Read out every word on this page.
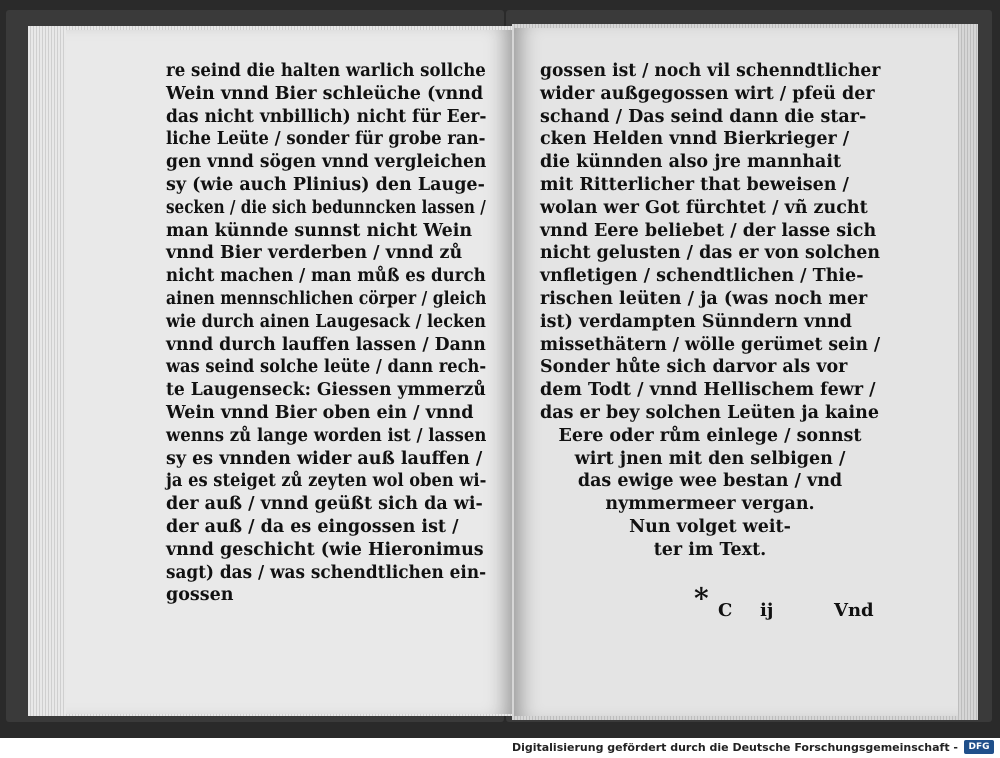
re seind die halten warlich sollche
Wein vnnd Bier schleüche (vnnd
das nicht vnbillich) nicht für Eer-
liche Leüte / sonder für grobe ran-
gen vnnd sögen vnnd vergleichen
sy (wie auch Plinius) den Lauge-
secken / die sich bedunncken lassen /
man künnde sunnst nicht Wein
vnnd Bier verderben / vnnd zů
nicht machen / man můß es durch
ainen mennschlichen cörper / gleich
wie durch ainen Laugesack / lecken
vnnd durch lauffen lassen / Dann
was seind solche leüte / dann rech-
te Laugenseck: Giessen ymmerzů
Wein vnnd Bier oben ein / vnnd
wenns zů lange worden ist / lassen
sy es vnnden wider auß lauffen /
ja es steiget zů zeyten wol oben wi-
der auß / vnnd geüßt sich da wi-
der auß / da es eingossen ist /
vnnd geschicht (wie Hieronimus
sagt) das / was schendtlichen ein-
gossen
gossen ist / noch vil schenndtlicher
wider außgegossen wirt / pfeü der
schand / Das seind dann die star-
cken Helden vnnd Bierkrieger /
die künnden also jre mannhait
mit Ritterlicher that beweisen /
wolan wer Got fürchtet / vñ zucht
vnnd Eere beliebet / der lasse sich
nicht gelusten / das er von solchen
vnfletigen / schendtlichen / Thie-
rischen leüten / ja (was noch mer
ist) verdampten Sünndern vnnd
missethätern / wölle gerümet sein /
Sonder hůte sich darvor als vor
dem Todt / vnnd Hellischem fewr /
das er bey solchen Leüten ja kaine
Eere oder rům einlege / sonnst
wirt jnen mit den selbigen /
das ewige wee bestan / vnd
nymmermeer vergan.
Nun volget weit-
ter im Text.
* C ij	Vnd
Digitalisierung gefördert durch die Deutsche Forschungsgemeinschaft -	DFG
